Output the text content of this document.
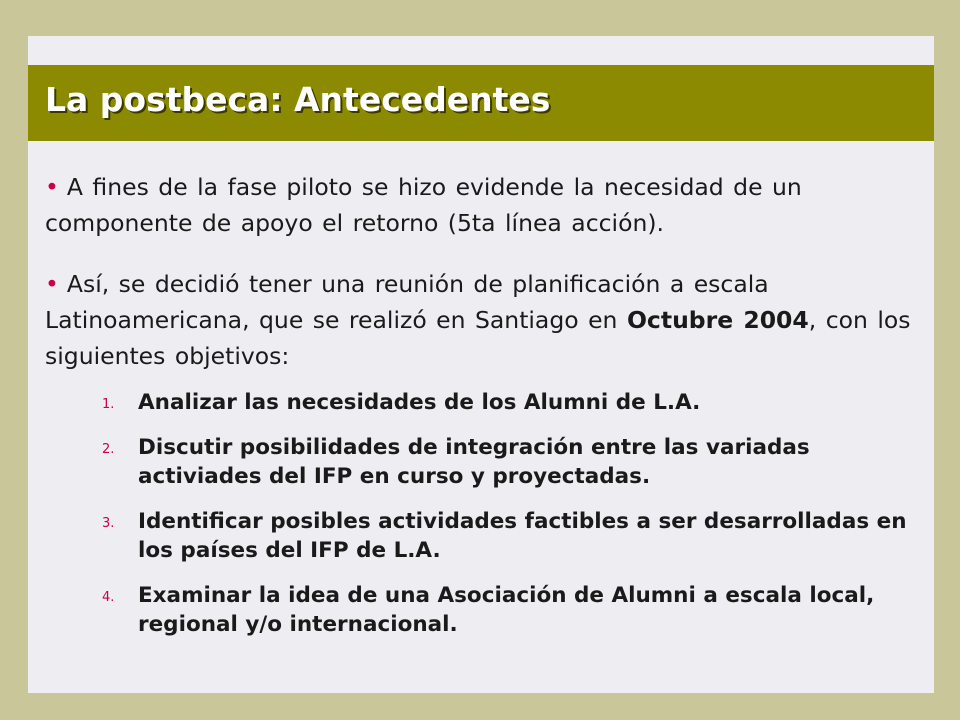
La postbeca: Antecedentes

• A fines de la fase piloto se hizo evidende la necesidad de un componente de apoyo el retorno (5ta línea acción).

• Así, se decidió tener una reunión de planificación a escala Latinoamericana, que se realizó en Santiago en Octubre 2004, con los siguientes objetivos:

1. Analizar las necesidades de los Alumni de L.A.
2. Discutir posibilidades de integración entre las variadas activiades del IFP en curso y proyectadas.
3. Identificar posibles actividades factibles a ser desarrolladas en los países del IFP de L.A.
4. Examinar la idea de una Asociación de Alumni a escala local, regional y/o internacional.
